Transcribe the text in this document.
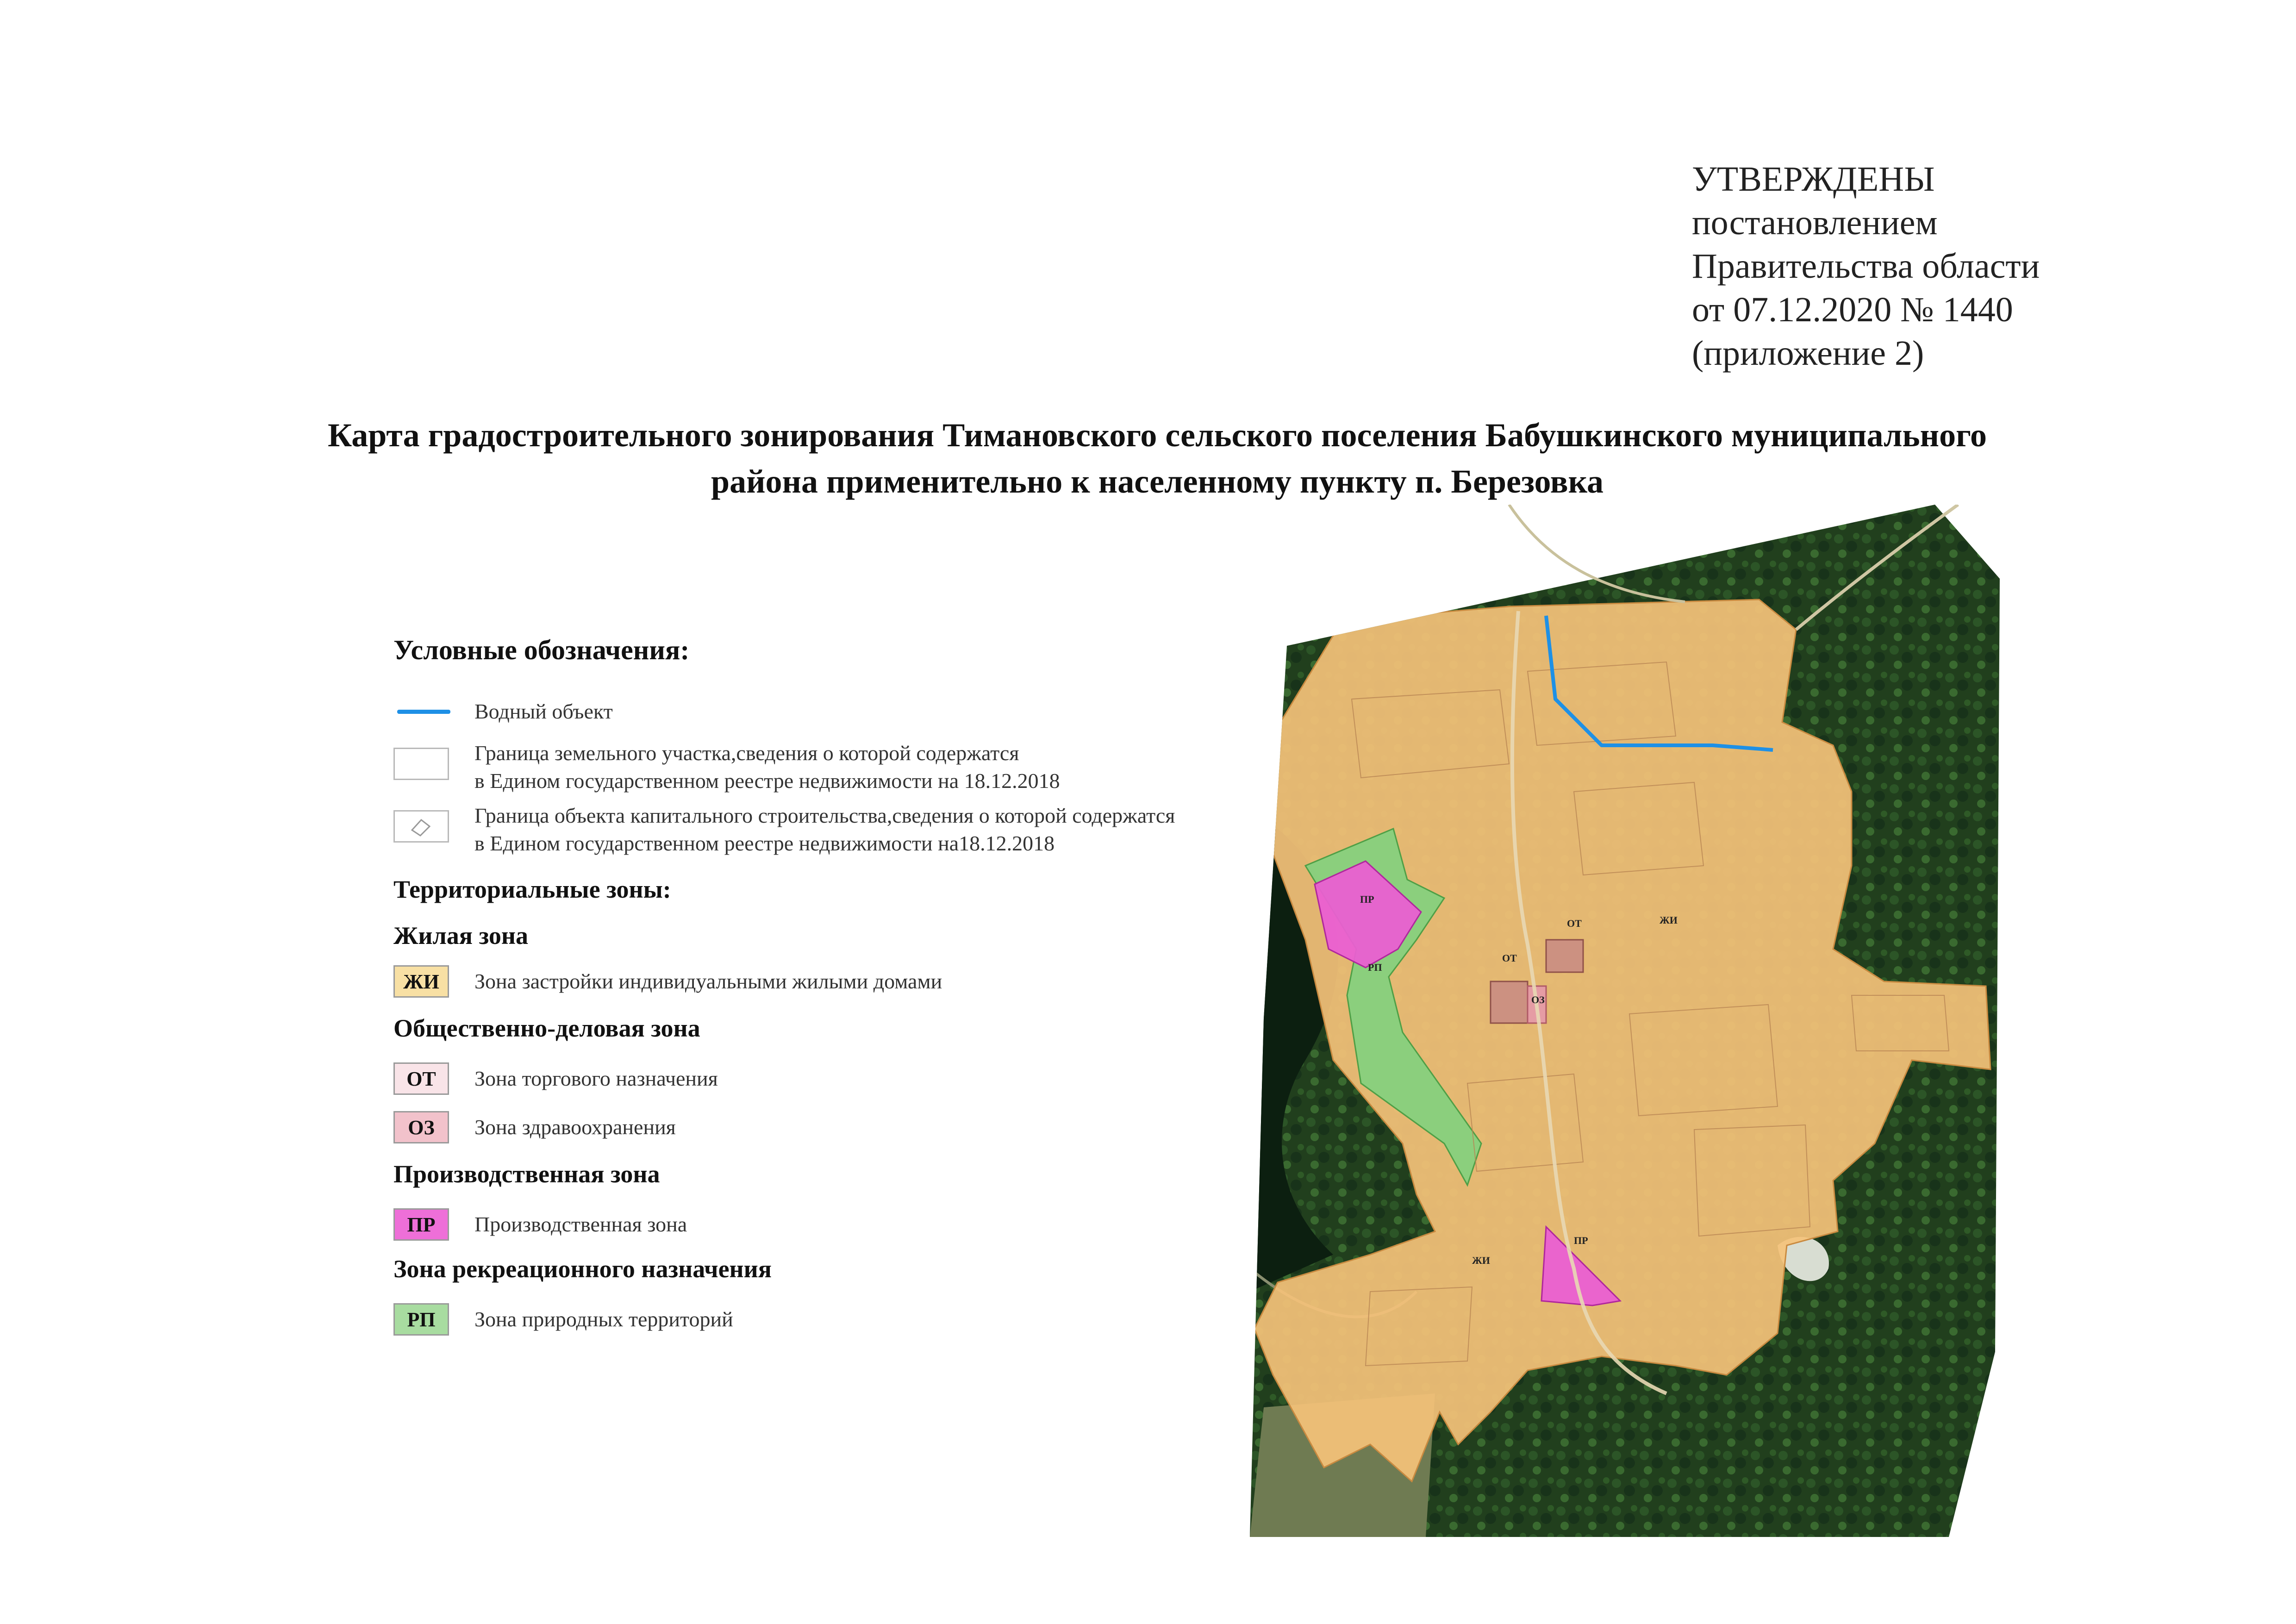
УТВЕРЖДЕНЫ
постановлением
Правительства области
от 07.12.2020 № 1440
(приложение 2)
Карта градостроительного зонирования Тимановского сельского поселения Бабушкинского муниципального
района применительно к населенному пункту п. Березовка
Условные обозначения:
Водный объект
Граница земельного участка,сведения о которой содержатся
в Едином государственном реестре недвижимости на 18.12.2018
Граница объекта капитального строительства,сведения о которой содержатся
в Едином государственном реестре недвижимости на18.12.2018
Территориальные зоны:
Жилая зона
ЖИ	Зона застройки индивидуальными жилыми домами
Общественно-деловая зона
ОТ	Зона торгового назначения
ОЗ	Зона здравоохранения
Производственная зона
ПР	Производственная зона
Зона рекреационного назначения
РП	Зона природных территорий
ПР
РП
ПР
ОТ
ОТ
ОЗ
ЖИ
ЖИ
